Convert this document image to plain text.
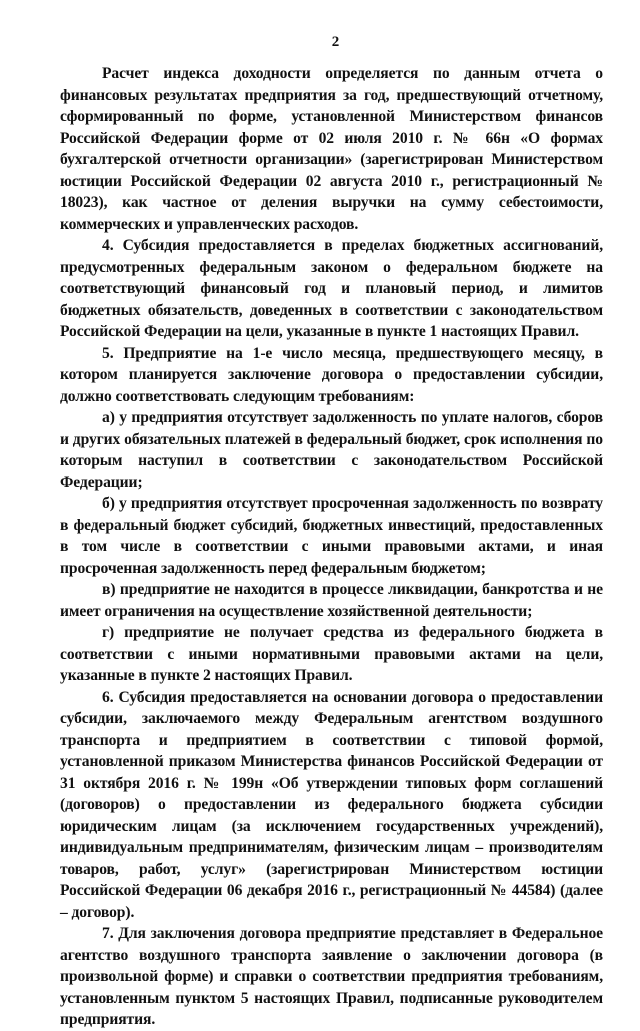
2

Расчет индекса доходности определяется по данным отчета о финансовых результатах предприятия за год, предшествующий отчетному, сформированный по форме, установленной Министерством финансов Российской Федерации форме от 02 июля 2010 г. № 66н «О формах бухгалтерской отчетности организации» (зарегистрирован Министерством юстиции Российской Федерации 02 августа 2010 г., регистрационный № 18023), как частное от деления выручки на сумму себестоимости, коммерческих и управленческих расходов.

4. Субсидия предоставляется в пределах бюджетных ассигнований, предусмотренных федеральным законом о федеральном бюджете на соответствующий финансовый год и плановый период, и лимитов бюджетных обязательств, доведенных в соответствии с законодательством Российской Федерации на цели, указанные в пункте 1 настоящих Правил.

5. Предприятие на 1-е число месяца, предшествующего месяцу, в котором планируется заключение договора о предоставлении субсидии, должно соответствовать следующим требованиям:

а) у предприятия отсутствует задолженность по уплате налогов, сборов и других обязательных платежей в федеральный бюджет, срок исполнения по которым наступил в соответствии с законодательством Российской Федерации;

б) у предприятия отсутствует просроченная задолженность по возврату в федеральный бюджет субсидий, бюджетных инвестиций, предоставленных в том числе в соответствии с иными правовыми актами, и иная просроченная задолженность перед федеральным бюджетом;

в) предприятие не находится в процессе ликвидации, банкротства и не имеет ограничения на осуществление хозяйственной деятельности;

г) предприятие не получает средства из федерального бюджета в соответствии с иными нормативными правовыми актами на цели, указанные в пункте 2 настоящих Правил.

6. Субсидия предоставляется на основании договора о предоставлении субсидии, заключаемого между Федеральным агентством воздушного транспорта и предприятием в соответствии с типовой формой, установленной приказом Министерства финансов Российской Федерации от 31 октября 2016 г. № 199н «Об утверждении типовых форм соглашений (договоров) о предоставлении из федерального бюджета субсидии юридическим лицам (за исключением государственных учреждений), индивидуальным предпринимателям, физическим лицам – производителям товаров, работ, услуг» (зарегистрирован Министерством юстиции Российской Федерации 06 декабря 2016 г., регистрационный № 44584) (далее – договор).

7. Для заключения договора предприятие представляет в Федеральное агентство воздушного транспорта заявление о заключении договора (в произвольной форме) и справки о соответствии предприятия требованиям, установленным пунктом 5 настоящих Правил, подписанные руководителем предприятия.
